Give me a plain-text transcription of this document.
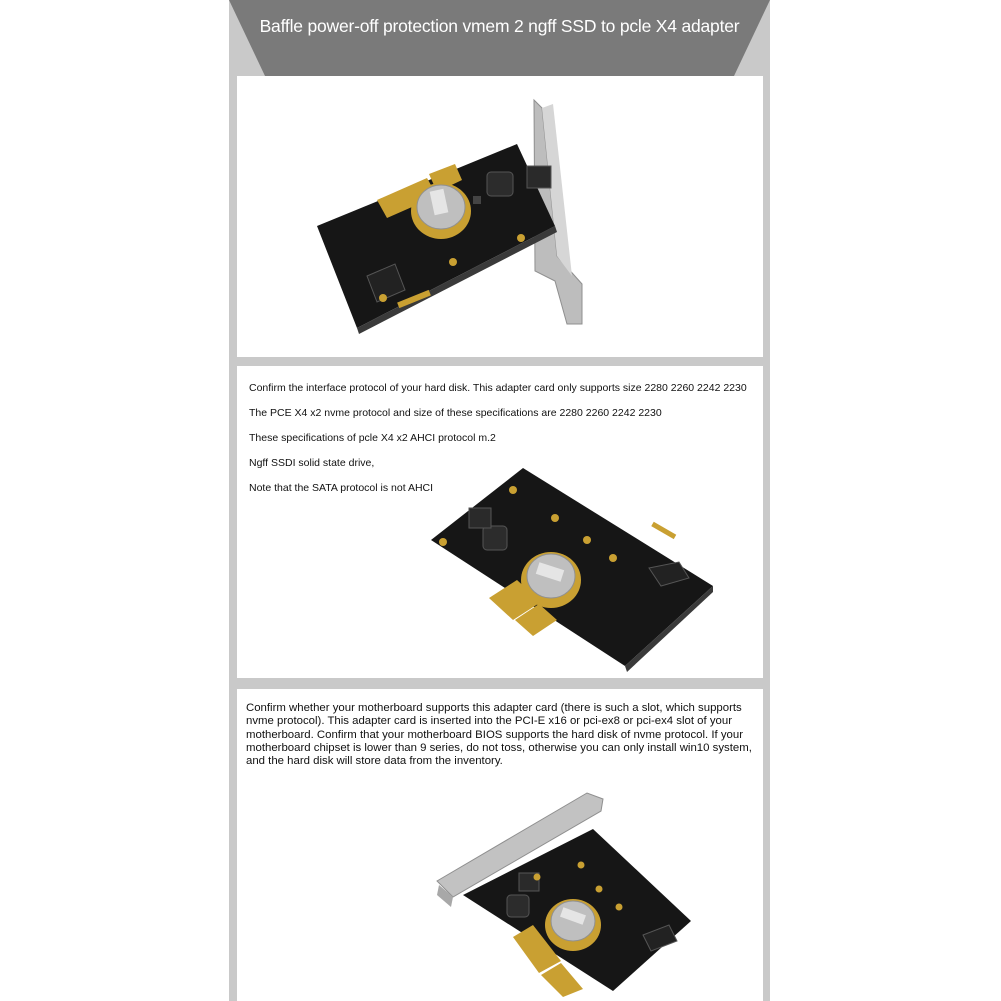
Baffle power-off protection vmem 2 ngff SSD to pcle X4 adapter
Confirm the interface protocol of your hard disk. This adapter card only supports size 2280 2260 2242 2230
The PCE X4 x2 nvme protocol and size of these specifications are 2280 2260 2242 2230
These specifications of pcle X4 x2 AHCI protocol m.2
Ngff SSDI solid state drive,
Note that the SATA protocol is not AHCI
Confirm whether your motherboard supports this adapter card (there is such a slot, which supports nvme protocol). This adapter card is inserted into the PCI-E x16 or pci-ex8 or pci-ex4 slot of your motherboard. Confirm that your motherboard BIOS supports the hard disk of nvme protocol. If your motherboard chipset is lower than 9 series, do not toss, otherwise you can only install win10 system, and the hard disk will store data from the inventory.
